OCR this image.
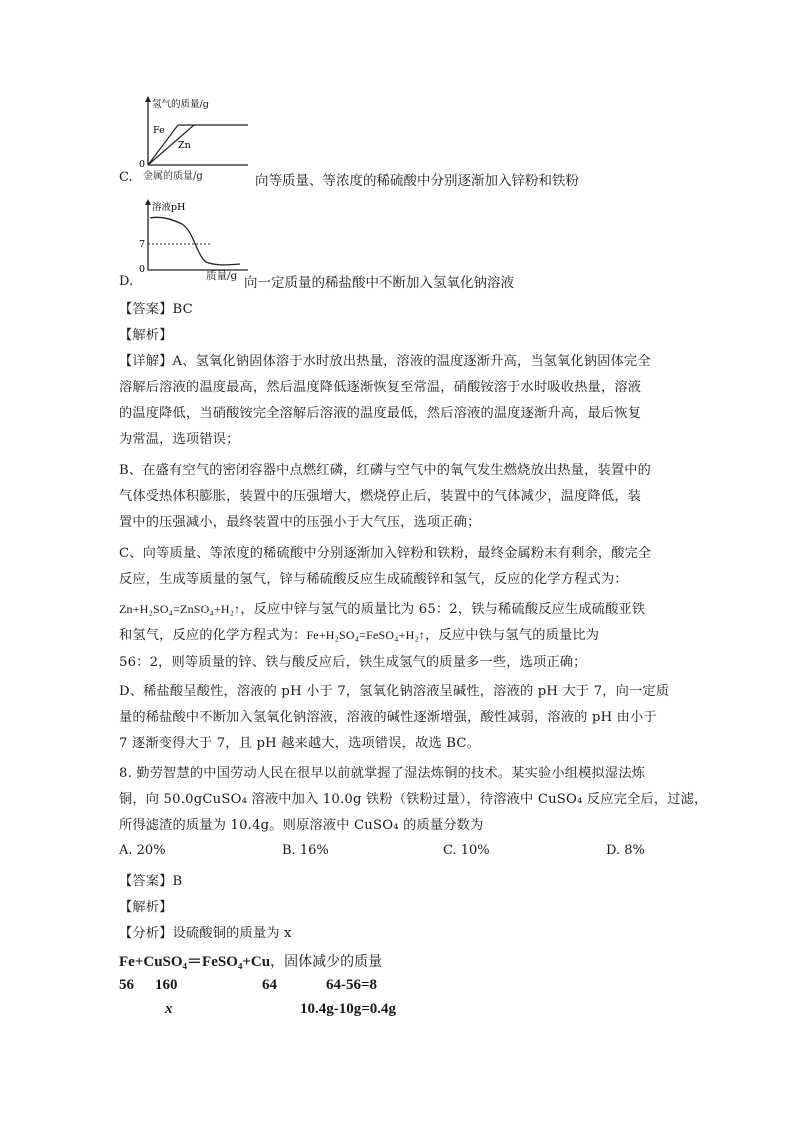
氢气的质量/g
Fe
Zn
0
金属的质量/g
C.	向等质量、等浓度的稀硫酸中分别逐渐加入锌粉和铁粉
溶液pH
7
0
D.	质量/g 向一定质量的稀盐酸中不断加入氢氧化钠溶液
【答案】BC
【解析】
【详解】A、氢氧化钠固体溶于水时放出热量，溶液的温度逐渐升高，当氢氧化钠固体完全
溶解后溶液的温度最高，然后温度降低逐渐恢复至常温，硝酸铵溶于水时吸收热量，溶液
的温度降低，当硝酸铵完全溶解后溶液的温度最低，然后溶液的温度逐渐升高，最后恢复
为常温，选项错误；
B、在盛有空气的密闭容器中点燃红磷，红磷与空气中的氧气发生燃烧放出热量，装置中的
气体受热体积膨胀，装置中的压强增大，燃烧停止后，装置中的气体减少，温度降低，装
置中的压强减小，最终装置中的压强小于大气压，选项正确；
C、向等质量、等浓度的稀硫酸中分别逐渐加入锌粉和铁粉，最终金属粉末有剩余，酸完全
反应，生成等质量的氢气，锌与稀硫酸反应生成硫酸锌和氢气，反应的化学方程式为：
Zn+H₂SO₄=ZnSO₄+H₂↑，反应中锌与氢气的质量比为 65：2，铁与稀硫酸反应生成硫酸亚铁
和氢气，反应的化学方程式为：Fe+H₂SO₄=FeSO₄+H₂↑，反应中铁与氢气的质量比为
56：2，则等质量的锌、铁与酸反应后，铁生成氢气的质量多一些，选项正确；
D、稀盐酸呈酸性，溶液的 pH 小于 7，氢氧化钠溶液呈碱性，溶液的 pH 大于 7，向一定质
量的稀盐酸中不断加入氢氧化钠溶液，溶液的碱性逐渐增强，酸性减弱，溶液的 pH 由小于
7 逐渐变得大于 7，且 pH 越来越大，选项错误，故选 BC。
8. 勤劳智慧的中国劳动人民在很早以前就掌握了湿法炼铜的技术。某实验小组模拟湿法炼
铜，向 50.0gCuSO₄ 溶液中加入 10.0g 铁粉（铁粉过量），待溶液中 CuSO₄ 反应完全后，过滤，
所得滤渣的质量为 10.4g。则原溶液中 CuSO₄ 的质量分数为
A. 20%	B. 16%	C. 10%	D. 8%
【答案】B
【解析】
【分析】设硫酸铜的质量为 x
Fe+CuSO₄＝FeSO₄+Cu，固体减少的质量
56 160	64	64-56=8
x	10.4g-10g=0.4g
